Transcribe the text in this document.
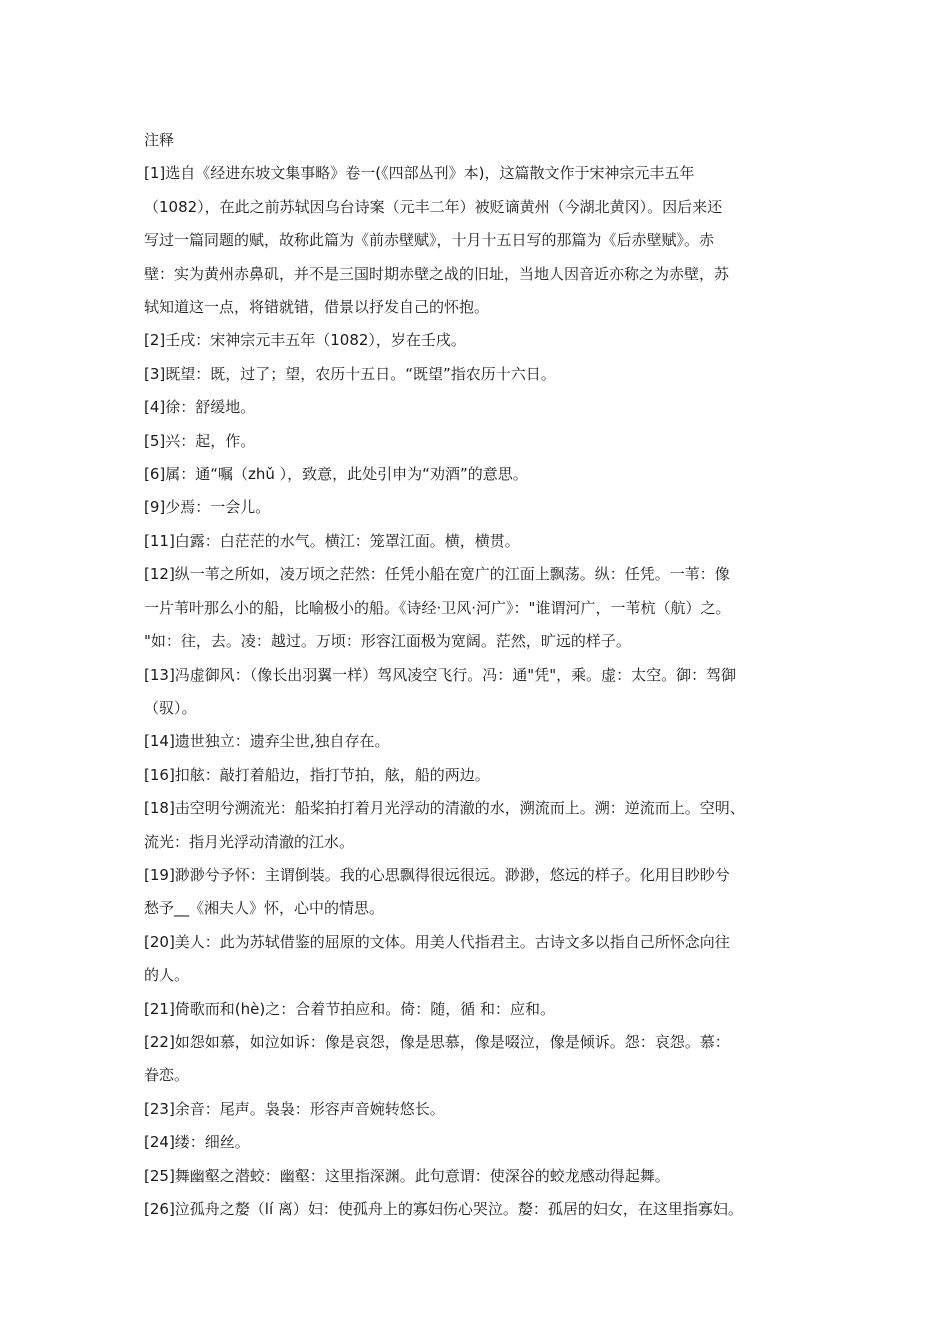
注释

[1]选自《经进东坡文集事略》卷一(《四部丛刊》本)，这篇散文作于宋神宗元丰五年

（1082），在此之前苏轼因乌台诗案（元丰二年）被贬谪黄州（今湖北黄冈）。因后来还

写过一篇同题的赋，故称此篇为《前赤壁赋》，十月十五日写的那篇为《后赤壁赋》。赤

壁：实为黄州赤鼻矶，并不是三国时期赤壁之战的旧址，当地人因音近亦称之为赤壁，苏

轼知道这一点，将错就错，借景以抒发自己的怀抱。

[2]壬戌：宋神宗元丰五年（1082），岁在壬戌。

[3]既望：既，过了；望，农历十五日。“既望”指农历十六日。

[4]徐：舒缓地。

[5]兴：起，作。

[6]属：通“嘱（zhǔ ），致意，此处引申为“劝酒”的意思。

[9]少焉：一会儿。

[11]白露：白茫茫的水气。横江：笼罩江面。横，横贯。

[12]纵一苇之所如，凌万顷之茫然：任凭小船在宽广的江面上飘荡。纵：任凭。一苇：像

一片苇叶那么小的船，比喻极小的船。《诗经·卫风·河广》："谁谓河广，一苇杭（航）之。

"如：往，去。凌：越过。万顷：形容江面极为宽阔。茫然，旷远的样子。

[13]冯虚御风：（像长出羽翼一样）驾风凌空飞行。冯：通"凭"，乘。虚：太空。御：驾御

（驭）。

[14]遗世独立：遗弃尘世,独自存在。

[16]扣舷：敲打着船边，指打节拍，舷，船的两边。

[18]击空明兮溯流光：船桨拍打着月光浮动的清澈的水，溯流而上。溯：逆流而上。空明、

流光：指月光浮动清澈的江水。

[19]渺渺兮予怀：主谓倒装。我的心思飘得很远很远。渺渺，悠远的样子。化用目眇眇兮

愁予__《湘夫人》怀，心中的情思。

[20]美人：此为苏轼借鉴的屈原的文体。用美人代指君主。古诗文多以指自己所怀念向往

的人。

[21]倚歌而和(hè)之：合着节拍应和。倚：随，循 和：应和。

[22]如怨如慕，如泣如诉：像是哀怨，像是思慕，像是啜泣，像是倾诉。怨：哀怨。慕：

眷恋。

[23]余音：尾声。袅袅：形容声音婉转悠长。

[24]缕：细丝。

[25]舞幽壑之潜蛟：幽壑：这里指深渊。此句意谓：使深谷的蛟龙感动得起舞。

[26]泣孤舟之嫠（lí 离）妇：使孤舟上的寡妇伤心哭泣。嫠：孤居的妇女，在这里指寡妇。
